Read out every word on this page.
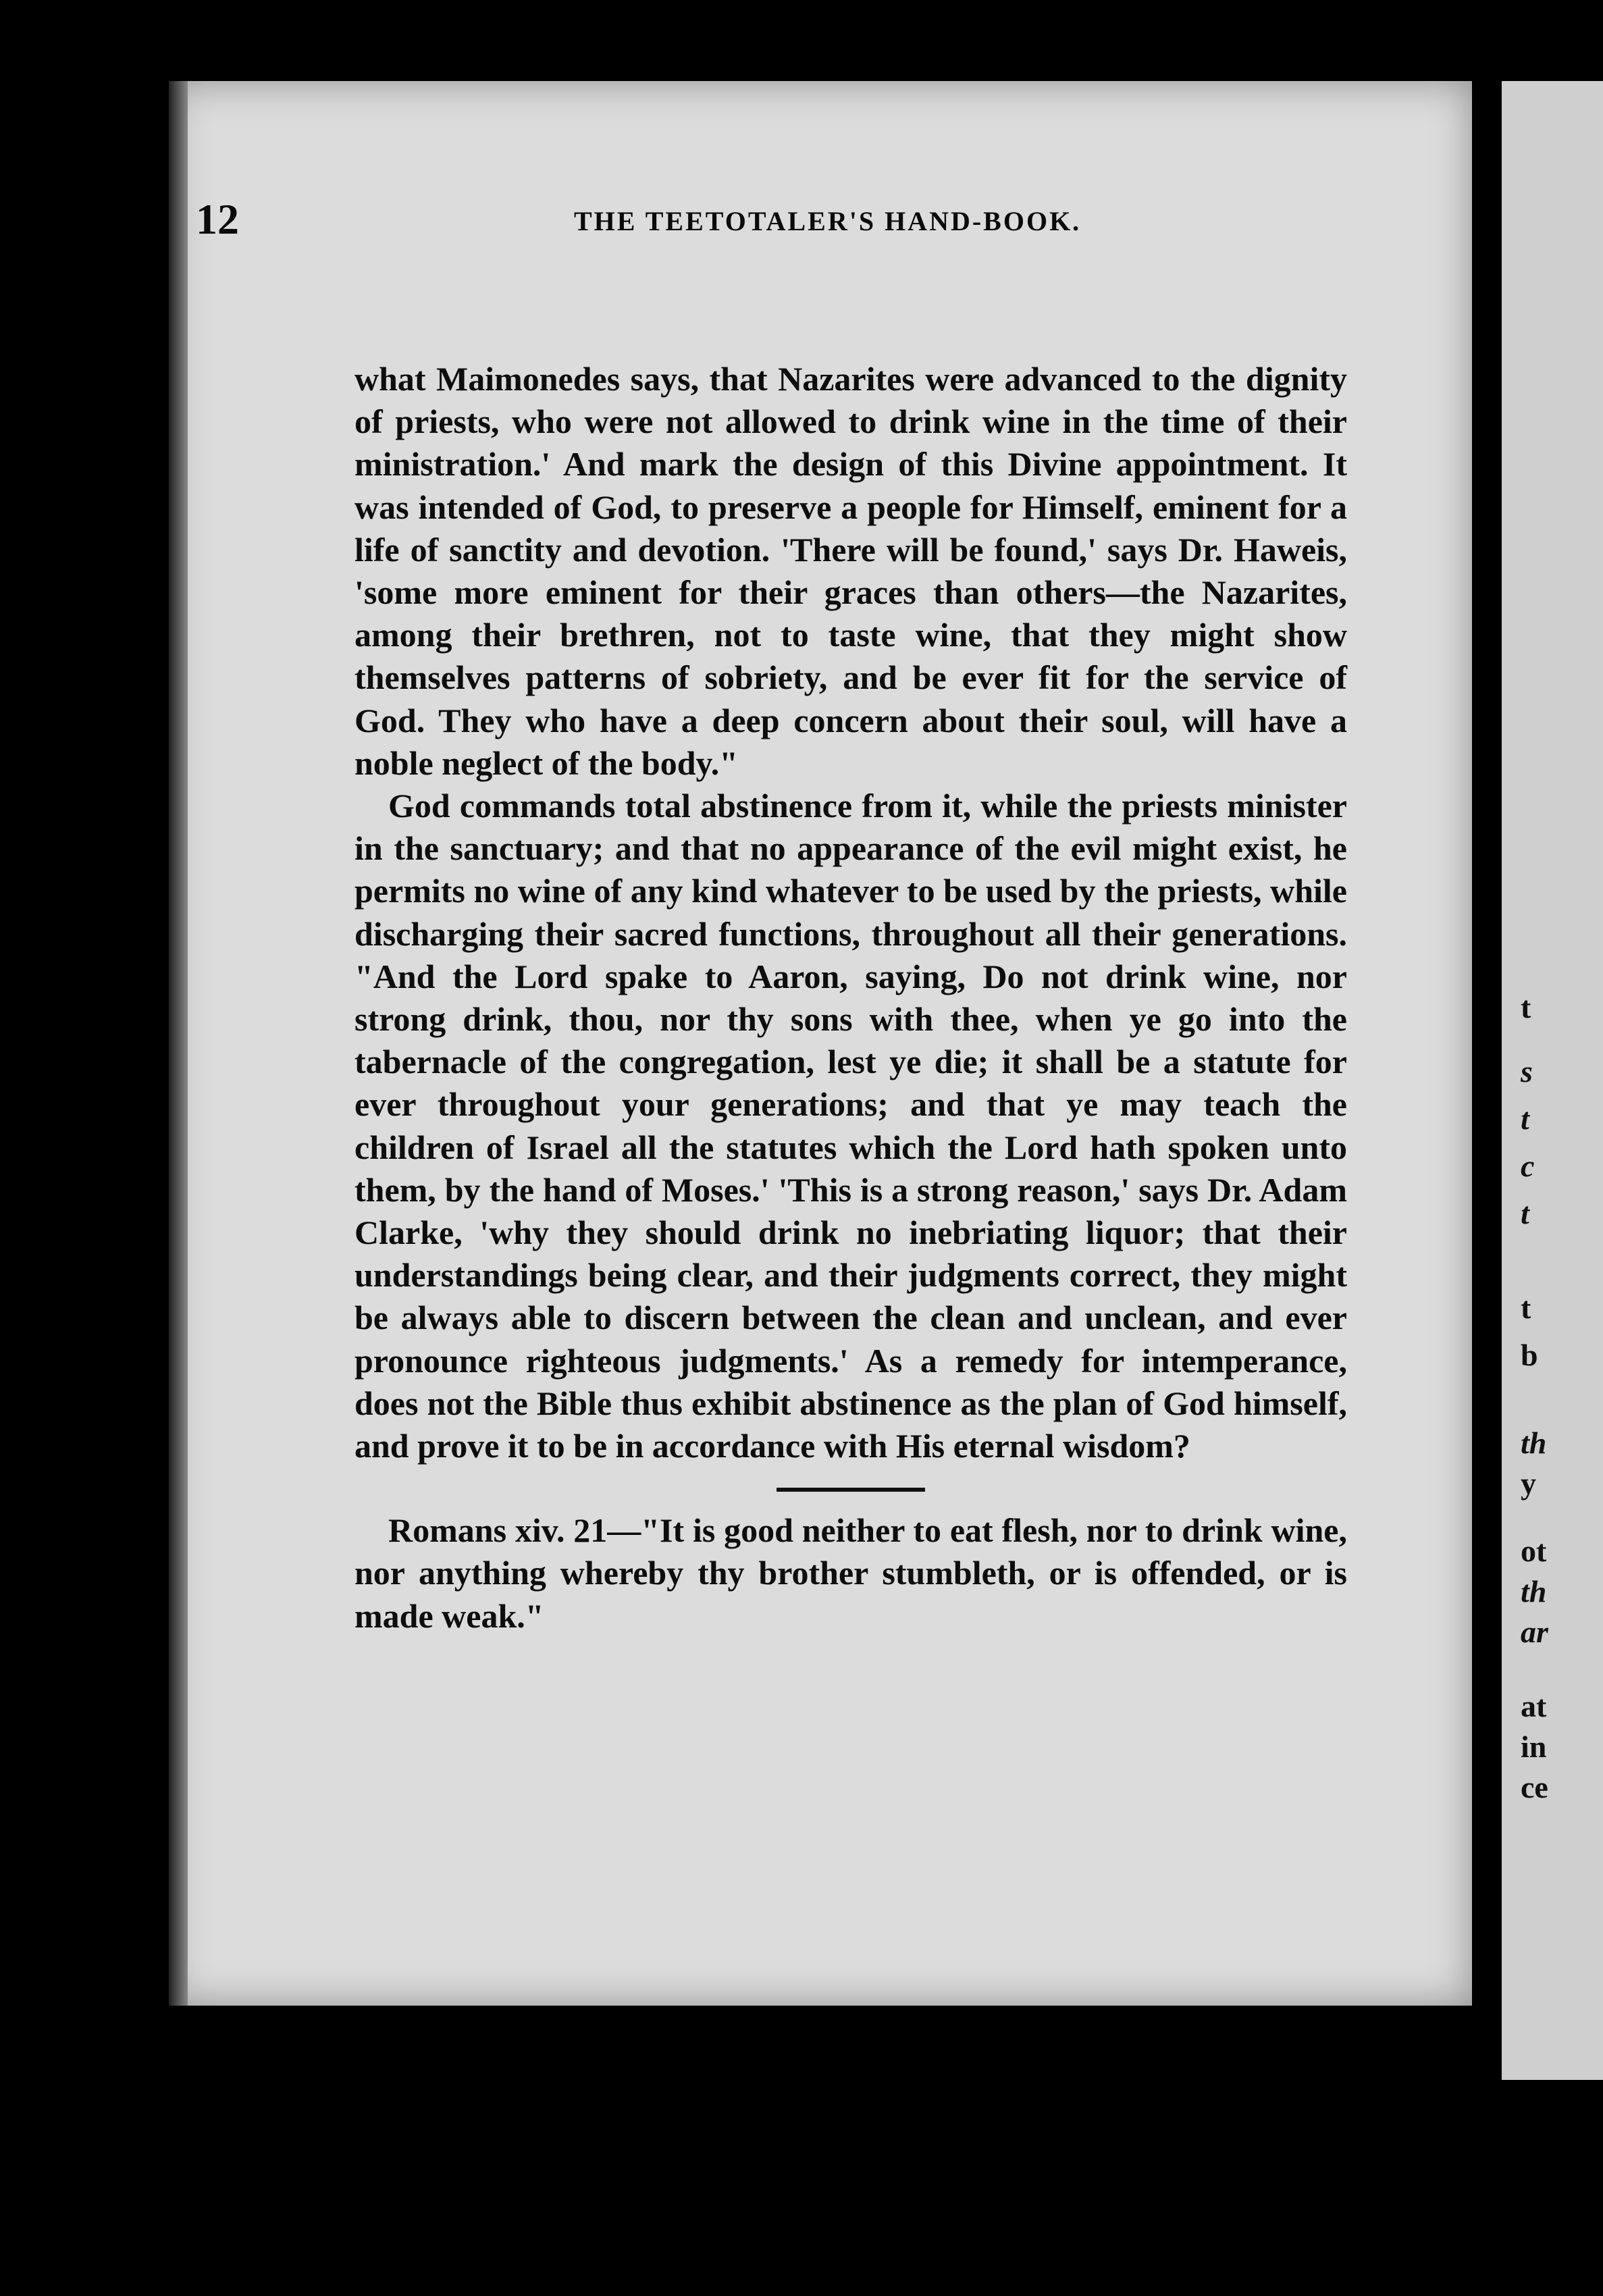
t
s
t
c
t
t
b
th
y
ot
th
ar
at
in
ce
12	THE TEETOTALER'S HAND-BOOK.

what Maimonedes says, that Nazarites were advanced to the dignity of priests, who were not allowed to drink wine in the time of their ministration.' And mark the design of this Divine appointment. It was intended of God, to preserve a people for Himself, eminent for a life of sanctity and devotion. 'There will be found,' says Dr. Haweis, 'some more eminent for their graces than others—the Nazarites, among their brethren, not to taste wine, that they might show themselves patterns of sobriety, and be ever fit for the service of God. They who have a deep concern about their soul, will have a noble neglect of the body."

God commands total abstinence from it, while the priests minister in the sanctuary; and that no appearance of the evil might exist, he permits no wine of any kind whatever to be used by the priests, while discharging their sacred functions, throughout all their generations. "And the Lord spake to Aaron, saying, Do not drink wine, nor strong drink, thou, nor thy sons with thee, when ye go into the tabernacle of the congregation, lest ye die; it shall be a statute for ever throughout your generations; and that ye may teach the children of Israel all the statutes which the Lord hath spoken unto them, by the hand of Moses.' 'This is a strong reason,' says Dr. Adam Clarke, 'why they should drink no inebriating liquor; that their understandings being clear, and their judgments correct, they might be always able to discern between the clean and unclean, and ever pronounce righteous judgments.' As a remedy for intemperance, does not the Bible thus exhibit abstinence as the plan of God himself, and prove it to be in accordance with His eternal wisdom?

Romans xiv. 21—"It is good neither to eat flesh, nor to drink wine, nor anything whereby thy brother stumbleth, or is offended, or is made weak."
